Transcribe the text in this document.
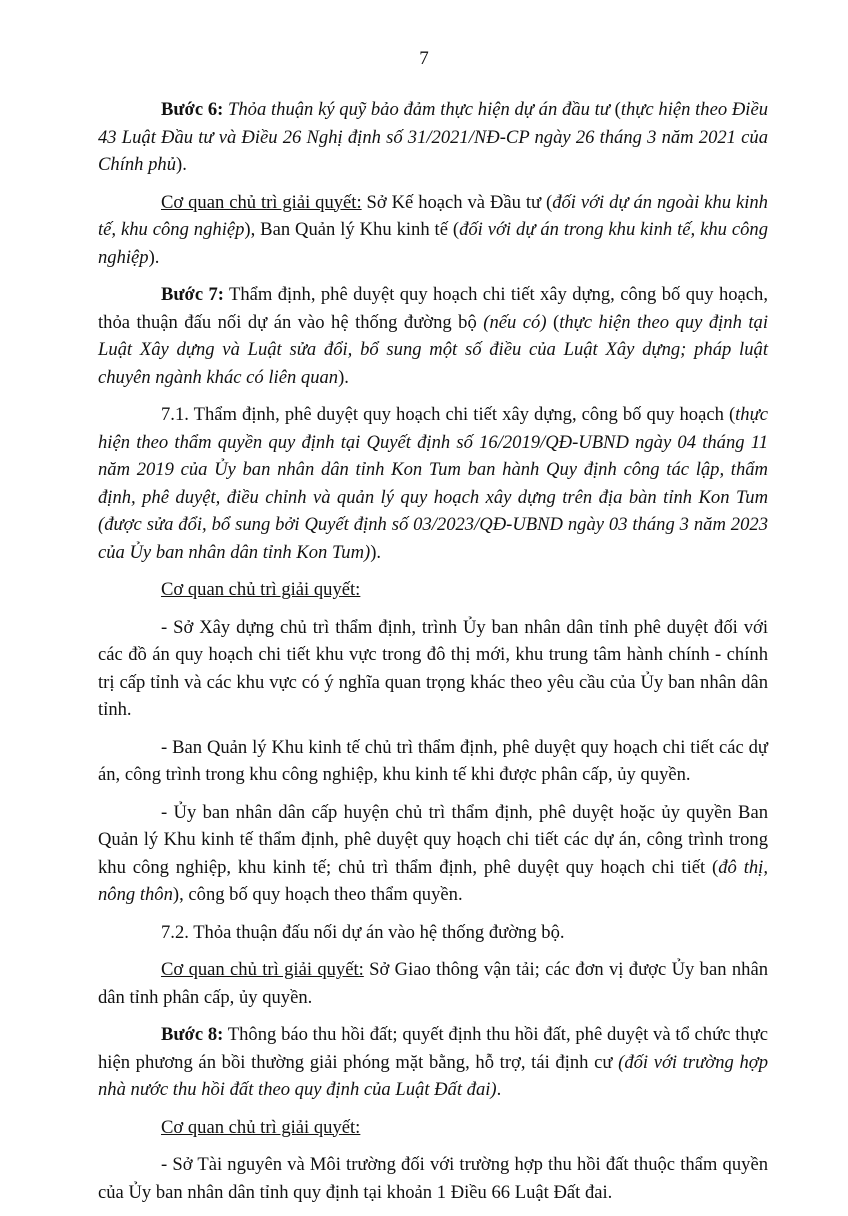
7

Bước 6: Thỏa thuận ký quỹ bảo đảm thực hiện dự án đầu tư (thực hiện theo Điều 43 Luật Đầu tư và Điều 26 Nghị định số 31/2021/NĐ-CP ngày 26 tháng 3 năm 2021 của Chính phủ).

Cơ quan chủ trì giải quyết: Sở Kế hoạch và Đầu tư (đối với dự án ngoài khu kinh tế, khu công nghiệp), Ban Quản lý Khu kinh tế (đối với dự án trong khu kinh tế, khu công nghiệp).

Bước 7: Thẩm định, phê duyệt quy hoạch chi tiết xây dựng, công bố quy hoạch, thỏa thuận đấu nối dự án vào hệ thống đường bộ (nếu có) (thực hiện theo quy định tại Luật Xây dựng và Luật sửa đổi, bổ sung một số điều của Luật Xây dựng; pháp luật chuyên ngành khác có liên quan).

7.1. Thẩm định, phê duyệt quy hoạch chi tiết xây dựng, công bố quy hoạch (thực hiện theo thẩm quyền quy định tại Quyết định số 16/2019/QĐ-UBND ngày 04 tháng 11 năm 2019 của Ủy ban nhân dân tỉnh Kon Tum ban hành Quy định công tác lập, thẩm định, phê duyệt, điều chỉnh và quản lý quy hoạch xây dựng trên địa bàn tỉnh Kon Tum (được sửa đổi, bổ sung bởi Quyết định số 03/2023/QĐ-UBND ngày 03 tháng 3 năm 2023 của Ủy ban nhân dân tỉnh Kon Tum)).

Cơ quan chủ trì giải quyết:

- Sở Xây dựng chủ trì thẩm định, trình Ủy ban nhân dân tỉnh phê duyệt đối với các đồ án quy hoạch chi tiết khu vực trong đô thị mới, khu trung tâm hành chính - chính trị cấp tỉnh và các khu vực có ý nghĩa quan trọng khác theo yêu cầu của Ủy ban nhân dân tỉnh.

- Ban Quản lý Khu kinh tế chủ trì thẩm định, phê duyệt quy hoạch chi tiết các dự án, công trình trong khu công nghiệp, khu kinh tế khi được phân cấp, ủy quyền.

- Ủy ban nhân dân cấp huyện chủ trì thẩm định, phê duyệt hoặc ủy quyền Ban Quản lý Khu kinh tế thẩm định, phê duyệt quy hoạch chi tiết các dự án, công trình trong khu công nghiệp, khu kinh tế; chủ trì thẩm định, phê duyệt quy hoạch chi tiết (đô thị, nông thôn), công bố quy hoạch theo thẩm quyền.

7.2. Thỏa thuận đấu nối dự án vào hệ thống đường bộ.

Cơ quan chủ trì giải quyết: Sở Giao thông vận tải; các đơn vị được Ủy ban nhân dân tỉnh phân cấp, ủy quyền.

Bước 8: Thông báo thu hồi đất; quyết định thu hồi đất, phê duyệt và tổ chức thực hiện phương án bồi thường giải phóng mặt bằng, hỗ trợ, tái định cư (đối với trường hợp nhà nước thu hồi đất theo quy định của Luật Đất đai).

Cơ quan chủ trì giải quyết:

- Sở Tài nguyên và Môi trường đối với trường hợp thu hồi đất thuộc thẩm quyền của Ủy ban nhân dân tỉnh quy định tại khoản 1 Điều 66 Luật Đất đai.
